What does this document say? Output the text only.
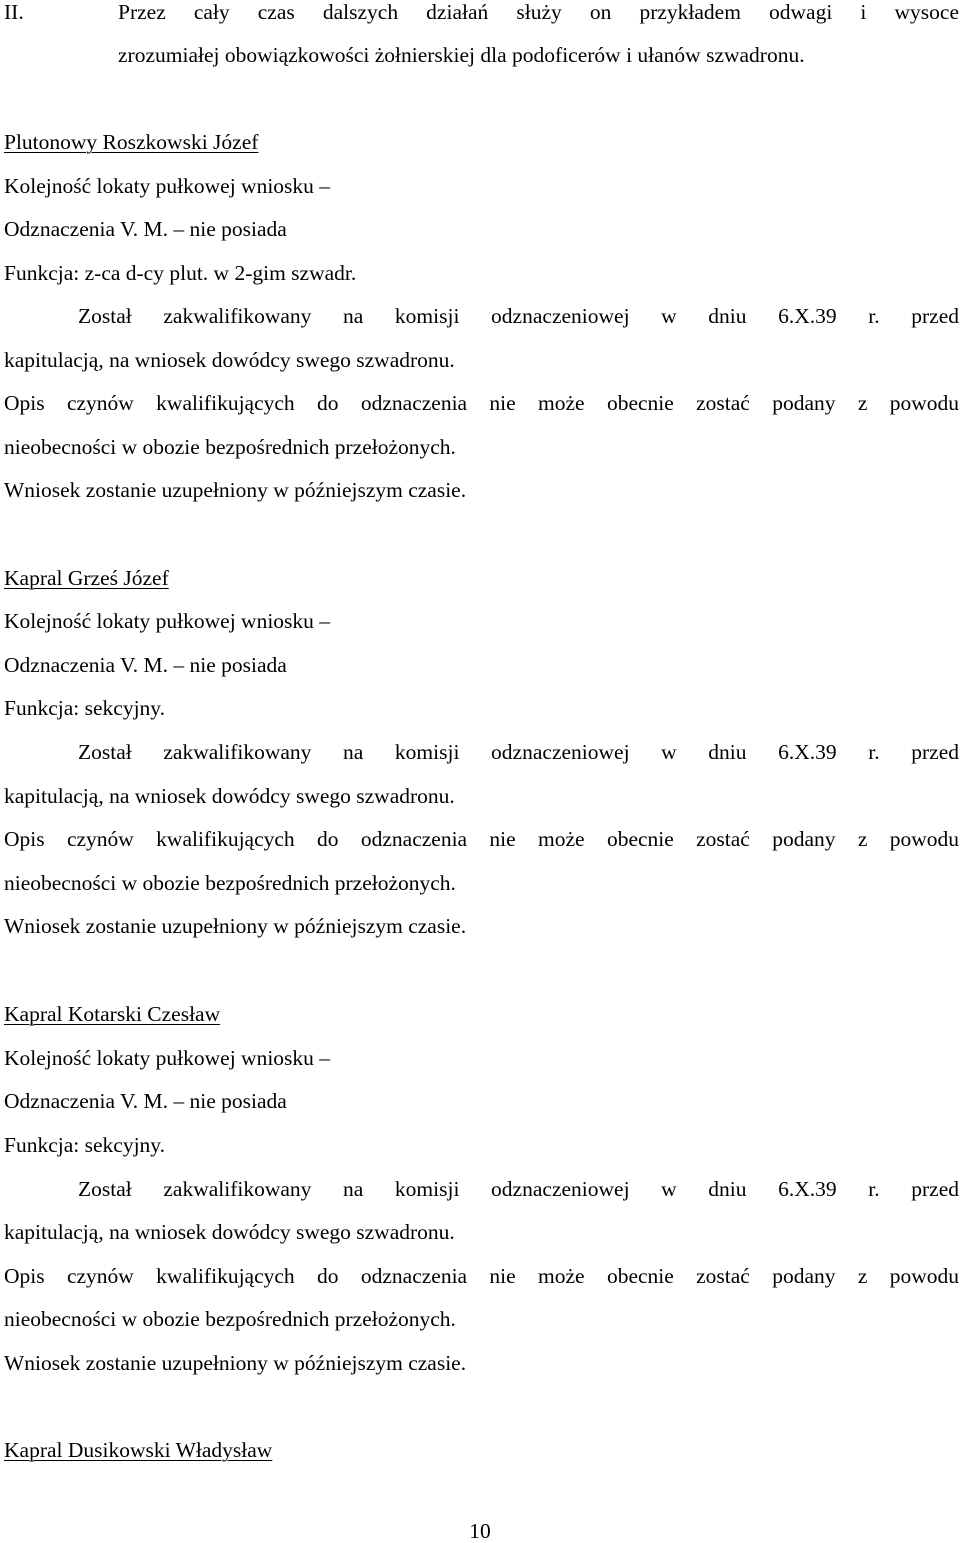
II.	Przez cały czas dalszych działań służy on przykładem odwagi i wysoce
zrozumiałej obowiązkowości żołnierskiej dla podoficerów i ułanów szwadronu.
Plutonowy Roszkowski Józef
Kolejność lokaty pułkowej wniosku –
Odznaczenia V. M. – nie posiada
Funkcja: z-ca d-cy plut. w 2-gim szwadr.
Został zakwalifikowany na komisji odznaczeniowej w dniu 6.X.39 r. przed
kapitulacją, na wniosek dowódcy swego szwadronu.
Opis czynów kwalifikujących do odznaczenia nie może obecnie zostać podany z powodu
nieobecności w obozie bezpośrednich przełożonych.
Wniosek zostanie uzupełniony w późniejszym czasie.
Kapral Grześ Józef
Kolejność lokaty pułkowej wniosku –
Odznaczenia V. M. – nie posiada
Funkcja: sekcyjny.
Został zakwalifikowany na komisji odznaczeniowej w dniu 6.X.39 r. przed
kapitulacją, na wniosek dowódcy swego szwadronu.
Opis czynów kwalifikujących do odznaczenia nie może obecnie zostać podany z powodu
nieobecności w obozie bezpośrednich przełożonych.
Wniosek zostanie uzupełniony w późniejszym czasie.
Kapral Kotarski Czesław
Kolejność lokaty pułkowej wniosku –
Odznaczenia V. M. – nie posiada
Funkcja: sekcyjny.
Został zakwalifikowany na komisji odznaczeniowej w dniu 6.X.39 r. przed
kapitulacją, na wniosek dowódcy swego szwadronu.
Opis czynów kwalifikujących do odznaczenia nie może obecnie zostać podany z powodu
nieobecności w obozie bezpośrednich przełożonych.
Wniosek zostanie uzupełniony w późniejszym czasie.
Kapral Dusikowski Władysław
10
